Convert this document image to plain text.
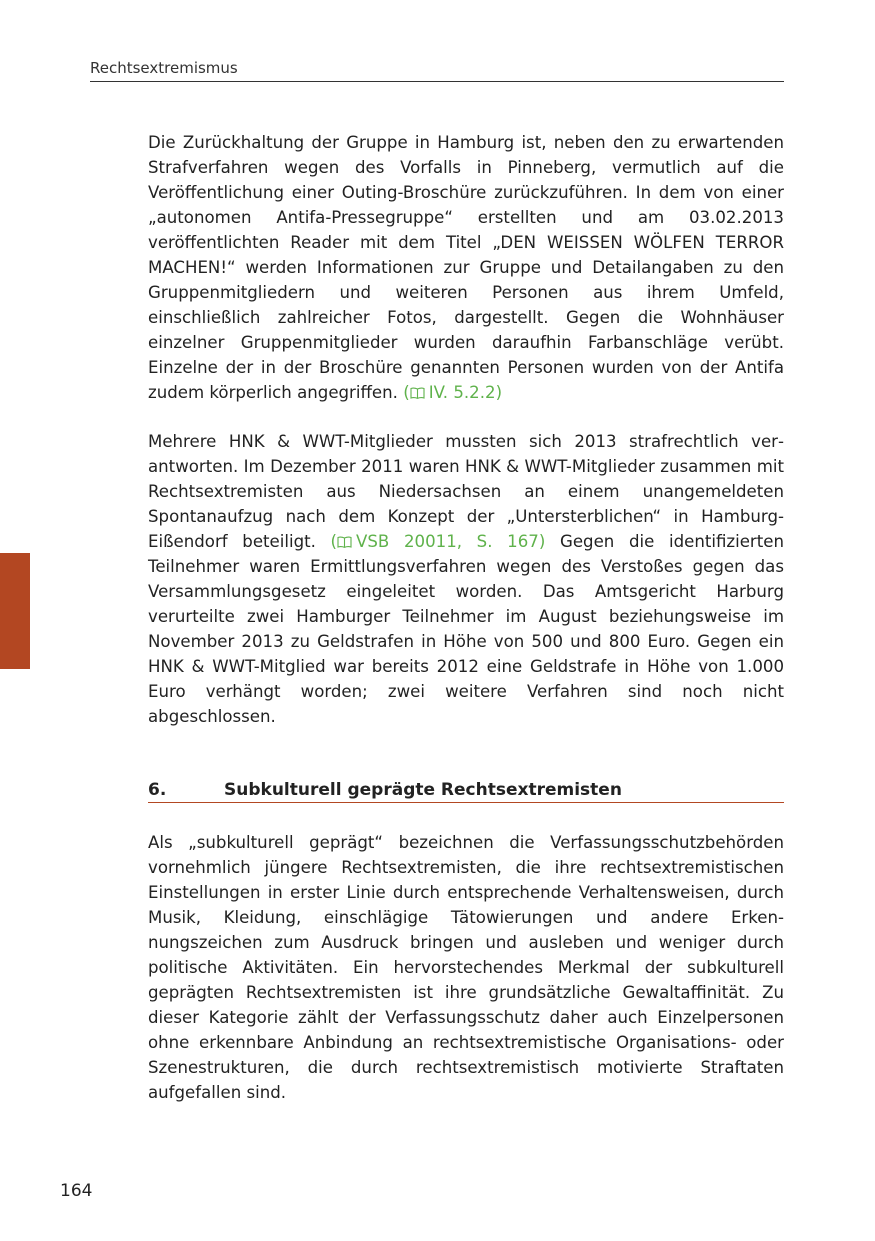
Rechtsextremismus

Die Zurückhaltung der Gruppe in Hamburg ist, neben den zu erwartenden Strafverfahren wegen des Vorfalls in Pinneberg, vermutlich auf die Veröffentlichung einer Outing-Broschüre zurückzuführen. In dem von einer „autonomen Antifa-Pressegruppe“ erstellten und am 03.02.2013 veröffentlichten Reader mit dem Titel „DEN WEISSEN WÖLFEN TERROR MACHEN!“ werden Informationen zur Gruppe und Detailangaben zu den Gruppenmitgliedern und weiteren Personen aus ihrem Umfeld, einschließlich zahlreicher Fotos, dargestellt. Gegen die Wohnhäuser einzelner Gruppenmitglieder wurden daraufhin Farbanschläge verübt. Einzelne der in der Broschüre genannten Personen wurden von der Antifa zudem körperlich angegriffen. ( IV. 5.2.2)

Mehrere HNK & WWT-Mitglieder mussten sich 2013 strafrechtlich verantworten. Im Dezember 2011 waren HNK & WWT-Mitglieder zusammen mit Rechtsextremisten aus Niedersachsen an einem unangemeldeten Spontanaufzug nach dem Konzept der „Untersterblichen“ in Hamburg-Eißendorf beteiligt. ( VSB 20011, S. 167) Gegen die identifizierten Teilnehmer waren Ermittlungsverfahren wegen des Verstoßes gegen das Versammlungsgesetz eingeleitet worden. Das Amtsgericht Harburg verurteilte zwei Hamburger Teilnehmer im August beziehungsweise im November 2013 zu Geldstrafen in Höhe von 500 und 800 Euro. Gegen ein HNK & WWT-Mitglied war bereits 2012 eine Geldstrafe in Höhe von 1.000 Euro verhängt worden; zwei weitere Verfahren sind noch nicht abgeschlossen.

6.	Subkulturell geprägte Rechtsextremisten

Als „subkulturell geprägt“ bezeichnen die Verfassungsschutzbehörden vornehmlich jüngere Rechtsextremisten, die ihre rechtsextremistischen Einstellungen in erster Linie durch entsprechende Verhaltensweisen, durch Musik, Kleidung, einschlägige Tätowierungen und andere Erkennungszeichen zum Ausdruck bringen und ausleben und weniger durch politische Aktivitäten. Ein hervorstechendes Merkmal der subkulturell geprägten Rechtsextremisten ist ihre grundsätzliche Gewaltaffinität. Zu dieser Kategorie zählt der Verfassungsschutz daher auch Einzelpersonen ohne erkennbare Anbindung an rechtsextremistische Organisations- oder Szenestrukturen, die durch rechtsextremistisch motivierte Straftaten aufgefallen sind.

164
